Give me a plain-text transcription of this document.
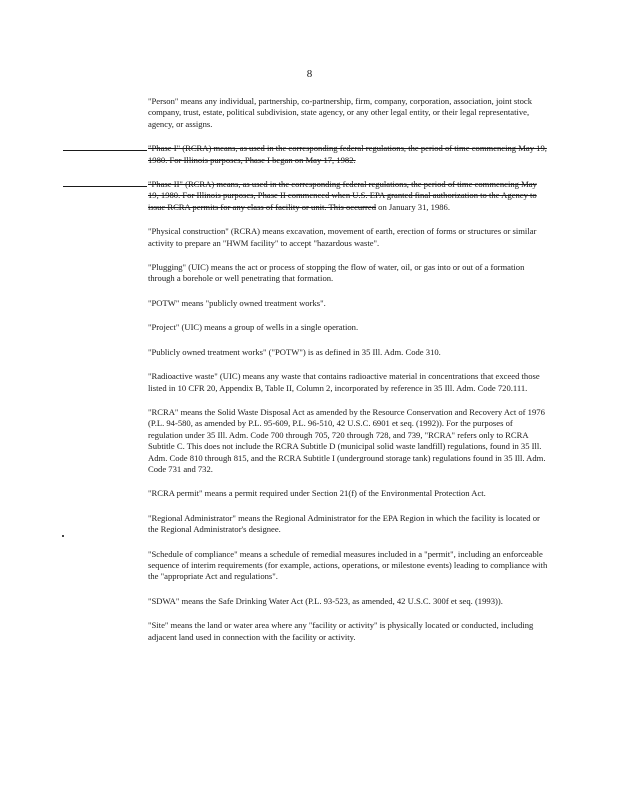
8

"Person" means any individual, partnership, co-partnership, firm, company, corporation, association, joint stock company, trust, estate, political subdivision, state agency, or any other legal entity, or their legal representative, agency, or assigns.

"Phase I" (RCRA) means, as used in the corresponding federal regulations, the period of time commencing May 19, 1980. For Illinois purposes, Phase I began on May 17, 1982.

"Phase II" (RCRA) means, as used in the corresponding federal regulations, the period of time commencing May 19, 1980. For Illinois purposes, Phase II commenced when U.S. EPA granted final authorization to the Agency to issue RCRA permits for any class of facility or unit. This occurred on January 31, 1986.

"Physical construction" (RCRA) means excavation, movement of earth, erection of forms or structures or similar activity to prepare an "HWM facility" to accept "hazardous waste".

"Plugging" (UIC) means the act or process of stopping the flow of water, oil, or gas into or out of a formation through a borehole or well penetrating that formation.

"POTW" means "publicly owned treatment works".

"Project" (UIC) means a group of wells in a single operation.

"Publicly owned treatment works" ("POTW") is as defined in 35 Ill. Adm. Code 310.

"Radioactive waste" (UIC) means any waste that contains radioactive material in concentrations that exceed those listed in 10 CFR 20, Appendix B, Table II, Column 2, incorporated by reference in 35 Ill. Adm. Code 720.111.

"RCRA" means the Solid Waste Disposal Act as amended by the Resource Conservation and Recovery Act of 1976 (P.L. 94-580, as amended by P.L. 95-609, P.L. 96-510, 42 U.S.C. 6901 et seq. (1992)). For the purposes of regulation under 35 Ill. Adm. Code 700 through 705, 720 through 728, and 739, "RCRA" refers only to RCRA Subtitle C. This does not include the RCRA Subtitle D (municipal solid waste landfill) regulations, found in 35 Ill. Adm. Code 810 through 815, and the RCRA Subtitle I (underground storage tank) regulations found in 35 Ill. Adm. Code 731 and 732.

"RCRA permit" means a permit required under Section 21(f) of the Environmental Protection Act.

"Regional Administrator" means the Regional Administrator for the EPA Region in which the facility is located or the Regional Administrator's designee.

"Schedule of compliance" means a schedule of remedial measures included in a "permit", including an enforceable sequence of interim requirements (for example, actions, operations, or milestone events) leading to compliance with the "appropriate Act and regulations".

"SDWA" means the Safe Drinking Water Act (P.L. 93-523, as amended, 42 U.S.C. 300f et seq. (1993)).

"Site" means the land or water area where any "facility or activity" is physically located or conducted, including adjacent land used in connection with the facility or activity.
